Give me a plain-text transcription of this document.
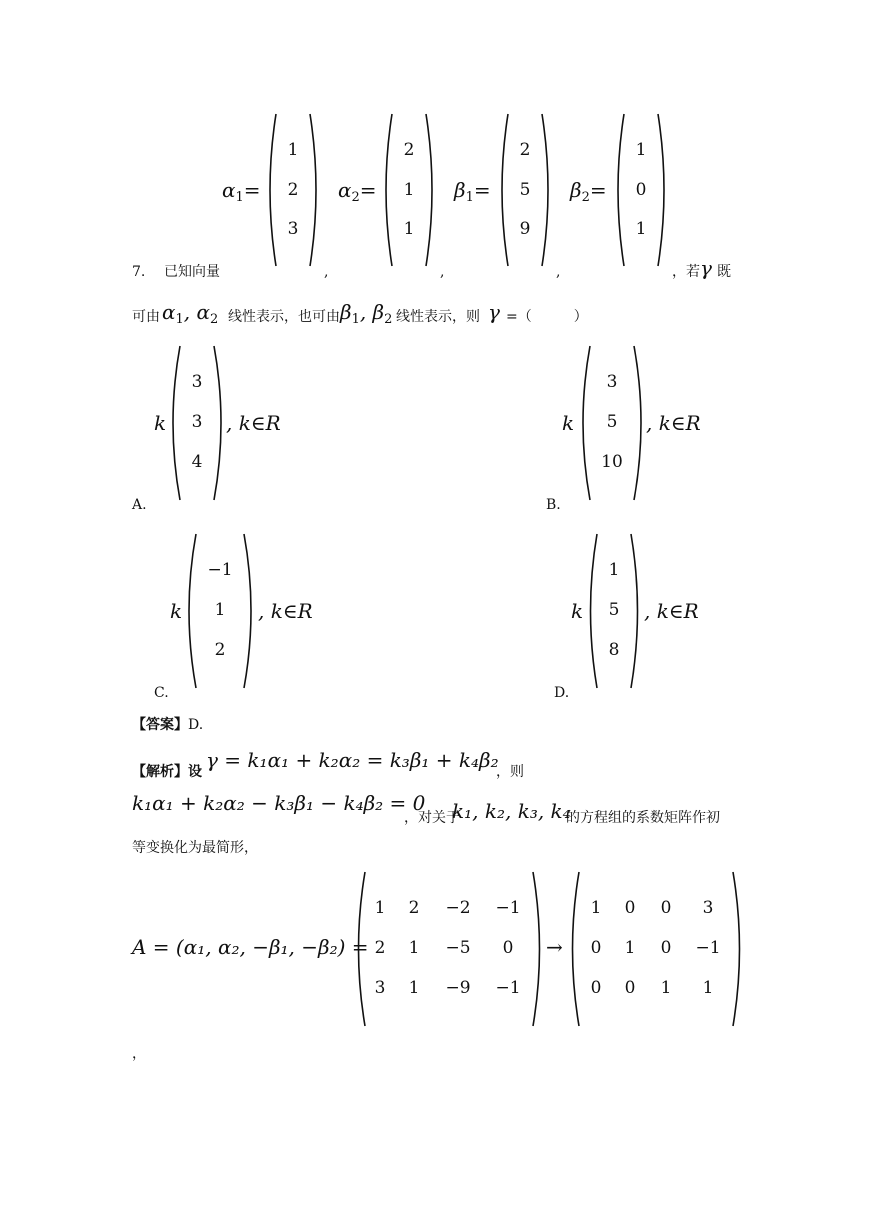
$\alpha_1=$
1
2
3
$\alpha_2=$
2
1
1
$\beta_1=$
2
5
9
$\beta_2=$
1
0
1
7. 已知向量	,	,	,	，若 γ 既
可由 $\alpha_1$, $\alpha_2$ 线性表示，也可由 $\beta_1$, $\beta_2$ 线性表示，则 γ =（　　　）
k
3
3
4
, k∈R
A.
k
3
5
10
, k∈R
B.
k
−1
1
2
, k∈R
C.
k
1
5
8
, k∈R
D.
【答案】D.
【解析】设 γ = k₁α₁ + k₂α₂ = k₃β₁ + k₄β₂
，则
k₁α₁ + k₂α₂ − k₃β₁ − k₄β₂ = 0
，对关于
k₁, k₂, k₃, k₄
的方程组的系数矩阵作初
等变换化为最简形，
A = (α₁, α₂, −β₁, −β₂) =
1	2	−2	−1
2	1	−5	0
3	1	−9	−1
→
1	0	0	3
0	1	0	−1
0	0	1	1
，
